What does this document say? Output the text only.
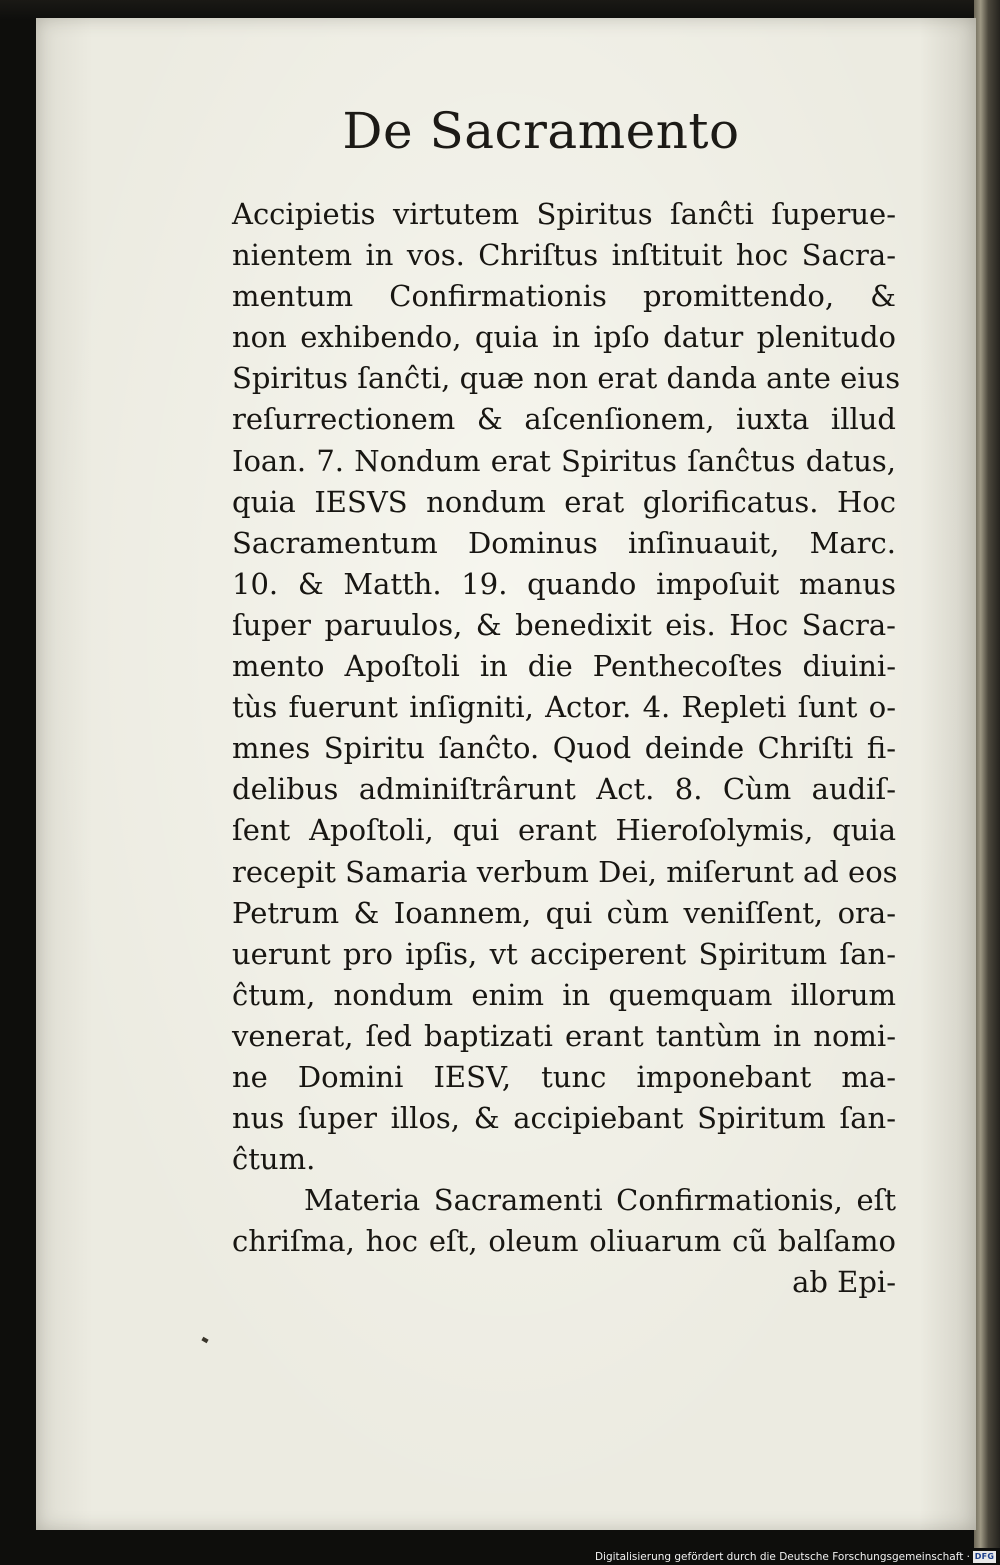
De Sacramento
Accipietis virtutem Spiritus ſanĉti ſuperue-
nientem in vos. Chriſtus inſtituit hoc Sacra-
mentum Confirmationis promittendo, &
non exhibendo, quia in ipſo datur plenitudo
Spiritus ſanĉti, quæ non erat danda ante eius
reſurrectionem & aſcenſionem, iuxta illud
Ioan. 7. Nondum erat Spiritus ſanĉtus datus,
quia IESVS nondum erat glorificatus. Hoc
Sacramentum Dominus inſinuauit, Marc.
10. & Matth. 19. quando impoſuit manus
ſuper paruulos, & benedixit eis. Hoc Sacra-
mento Apoſtoli in die Penthecoſtes diuini-
tùs fuerunt inſigniti, Actor. 4. Repleti ſunt o-
mnes Spiritu ſanĉto. Quod deinde Chriſti fi-
delibus adminiſtrârunt Act. 8. Cùm audiſ-
ſent Apoſtoli, qui erant Hieroſolymis, quia
recepit Samaria verbum Dei, miſerunt ad eos
Petrum & Ioannem, qui cùm veniſſent, ora-
uerunt pro ipſis, vt acciperent Spiritum ſan-
ĉtum, nondum enim in quemquam illorum
venerat, ſed baptizati erant tantùm in nomi-
ne Domini IESV, tunc imponebant ma-
nus ſuper illos, & accipiebant Spiritum ſan-
ĉtum.
Materia Sacramenti Confirmationis, eſt
chriſma, hoc eſt, oleum oliuarum cũ balſamo
ab Epi-
Digitalisierung gefördert durch die Deutsche Forschungsgemeinschaft · DFG
